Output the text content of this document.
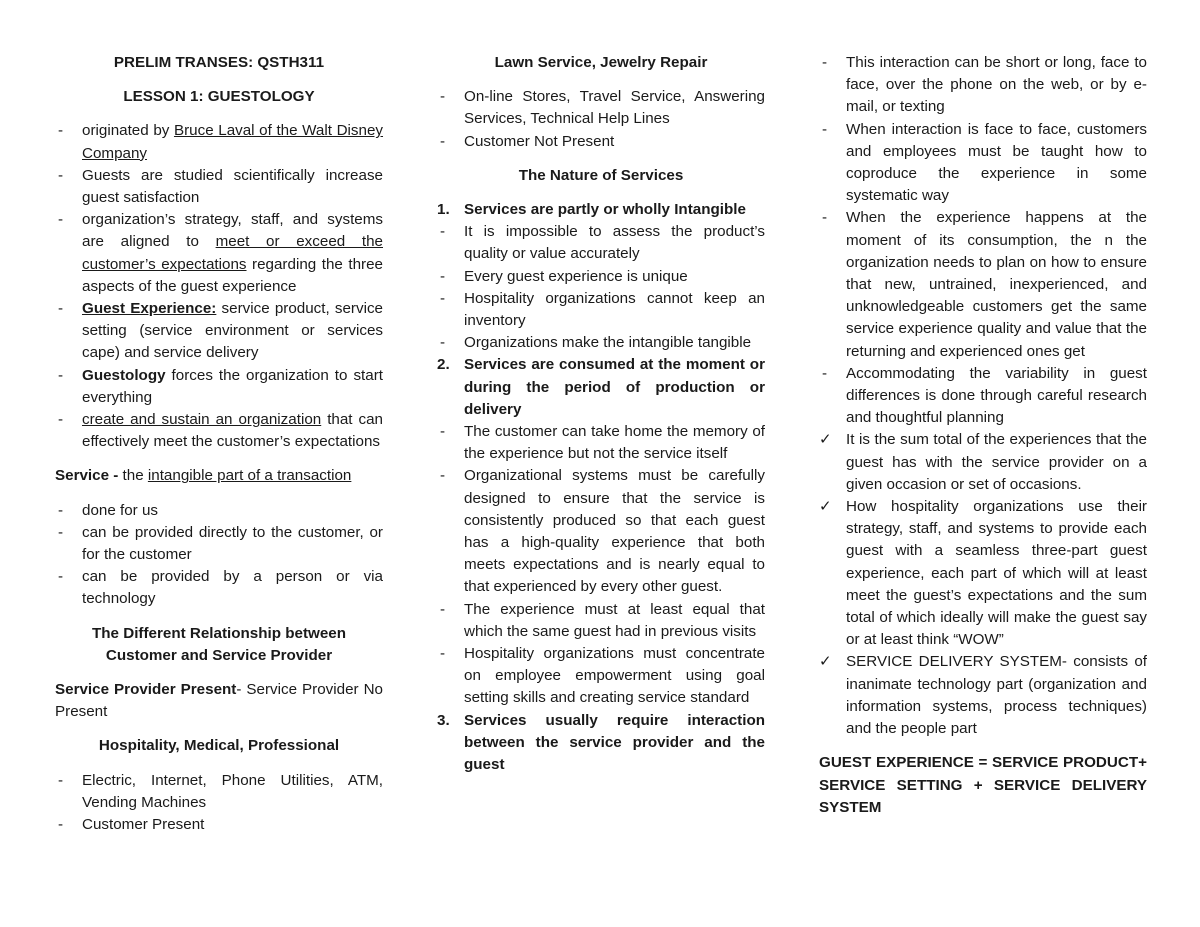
PRELIM TRANSES: QSTH311

LESSON 1: GUESTOLOGY

- originated by Bruce Laval of the Walt Disney Company
- Guests are studied scientifically increase guest satisfaction
- organization’s strategy, staff, and systems are aligned to meet or exceed the customer’s expectations regarding the three aspects of the guest experience
- Guest Experience: service product, service setting (service environment or services cape) and service delivery
- Guestology forces the organization to start everything
- create and sustain an organization that can effectively meet the customer’s expectations

Service - the intangible part of a transaction

- done for us
- can be provided directly to the customer, or for the customer
- can be provided by a person or via technology

The Different Relationship between Customer and Service Provider

Service Provider Present- Service Provider No Present

Hospitality, Medical, Professional

- Electric, Internet, Phone Utilities, ATM, Vending Machines
- Customer Present

Lawn Service, Jewelry Repair

- On-line Stores, Travel Service, Answering Services, Technical Help Lines
- Customer Not Present

The Nature of Services

1. Services are partly or wholly Intangible
- It is impossible to assess the product’s quality or value accurately
- Every guest experience is unique
- Hospitality organizations cannot keep an inventory
- Organizations make the intangible tangible
2. Services are consumed at the moment or during the period of production or delivery
- The customer can take home the memory of the experience but not the service itself
- Organizational systems must be carefully designed to ensure that the service is consistently produced so that each guest has a high-quality experience that both meets expectations and is nearly equal to that experienced by every other guest.
- The experience must at least equal that which the same guest had in previous visits
- Hospitality organizations must concentrate on employee empowerment using goal setting skills and creating service standard
3. Services usually require interaction between the service provider and the guest
- This interaction can be short or long, face to face, over the phone on the web, or by e-mail, or texting
- When interaction is face to face, customers and employees must be taught how to coproduce the experience in some systematic way
- When the experience happens at the moment of its consumption, the n the organization needs to plan on how to ensure that new, untrained, inexperienced, and unknowledgeable customers get the same service experience quality and value that the returning and experienced ones get
- Accommodating the variability in guest differences is done through careful research and thoughtful planning
✓ It is the sum total of the experiences that the guest has with the service provider on a given occasion or set of occasions.
✓ How hospitality organizations use their strategy, staff, and systems to provide each guest with a seamless three-part guest experience, each part of which will at least meet the guest’s expectations and the sum total of which ideally will make the guest say or at least think “WOW”
✓ SERVICE DELIVERY SYSTEM- consists of inanimate technology part (organization and information systems, process techniques) and the people part

GUEST EXPERIENCE = SERVICE PRODUCT+ SERVICE SETTING + SERVICE DELIVERY SYSTEM
